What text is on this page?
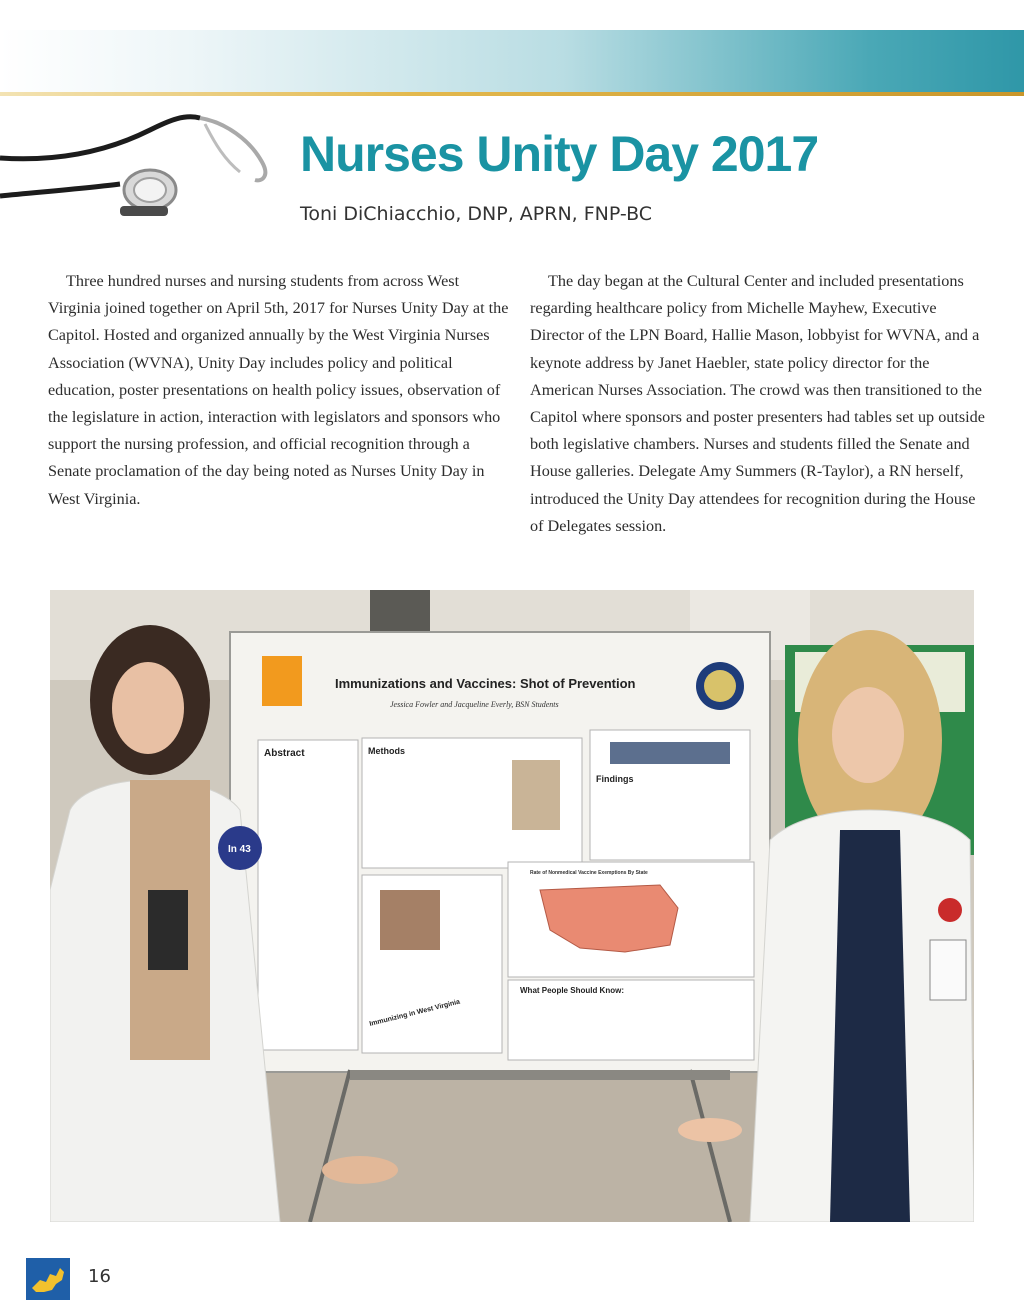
Nurses Unity Day 2017
Toni DiChiacchio, DNP, APRN, FNP-BC

Three hundred nurses and nursing students from across West Virginia joined together on April 5th, 2017 for Nurses Unity Day at the Capitol. Hosted and organized annually by the West Virginia Nurses Association (WVNA), Unity Day includes policy and political education, poster presentations on health policy issues, observation of the legislature in action, interaction with legislators and sponsors who support the nursing profession, and official recognition through a Senate proclamation of the day being noted as Nurses Unity Day in West Virginia.

The day began at the Cultural Center and included presentations regarding healthcare policy from Michelle Mayhew, Executive Director of the LPN Board, Hallie Mason, lobbyist for WVNA, and a keynote address by Janet Haebler, state policy director for the American Nurses Association. The crowd was then transitioned to the Capitol where sponsors and poster presenters had tables set up outside both legislative chambers. Nurses and students filled the Senate and House galleries. Delegate Amy Summers (R-Taylor), a RN herself, introduced the Unity Day attendees for recognition during the House of Delegates session.

Immunizations and Vaccines: Shot of Prevention
Jessica Fowler and Jacqueline Everly, BSN Students
Abstract	Methods
Findings
Immunizing in West Virginia
Rate of Nonmedical Vaccine Exemptions By State
What People Should Know:
In 43
16
